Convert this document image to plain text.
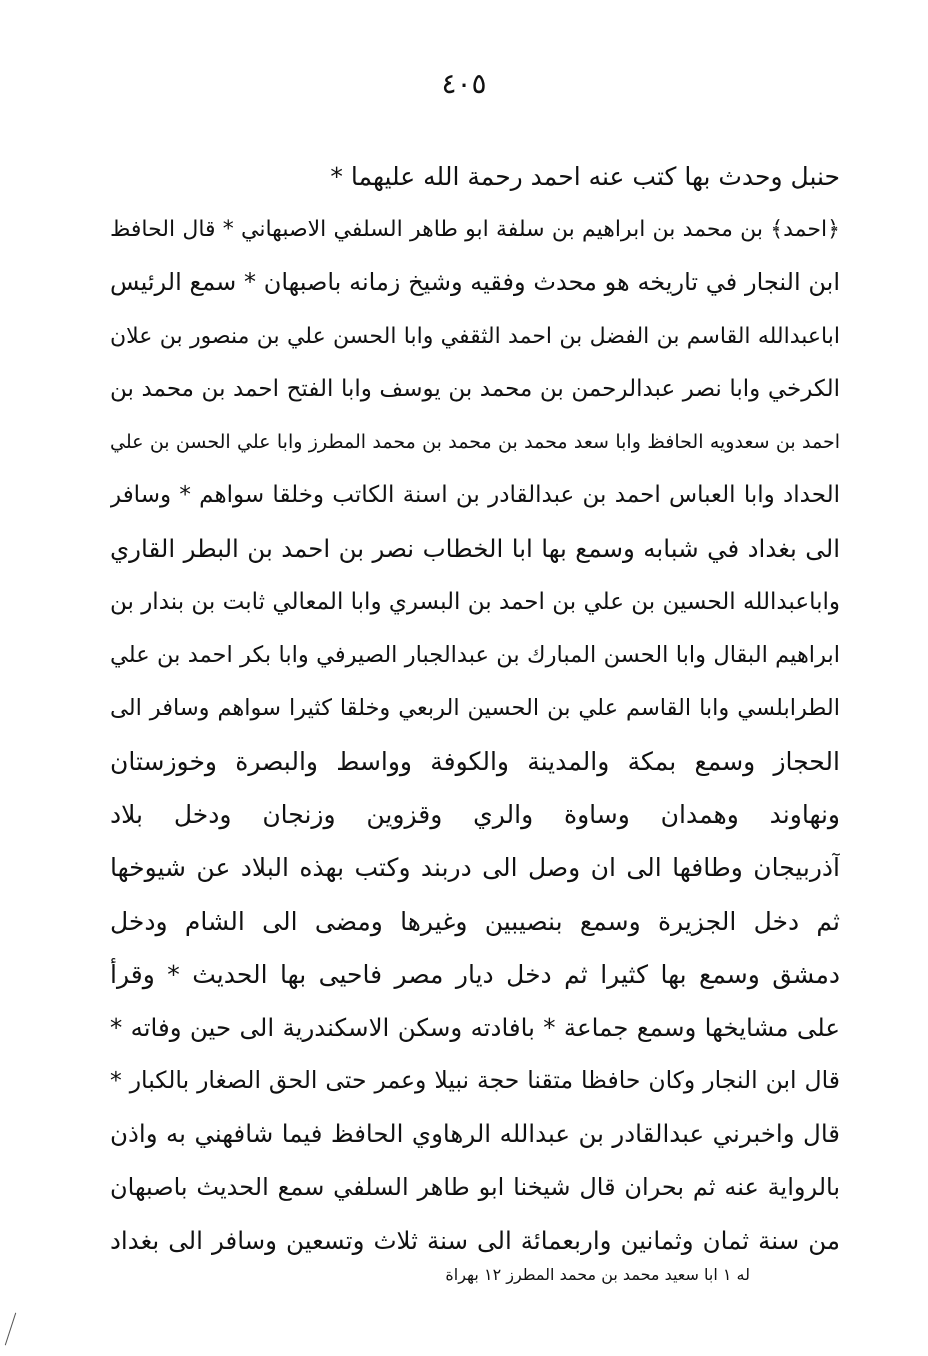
٤٠٥
حنبل وحدث بها كتب عنه احمد رحمة الله عليهما *
﴿احمد﴾ بن محمد بن ابراهيم بن سلفة ابو طاهر السلفي الاصبهاني * قال الحافظ
ابن النجار في تاريخه هو محدث وفقيه وشيخ زمانه باصبهان * سمع الرئيس
اباعبدالله القاسم بن الفضل بن احمد الثقفي وابا الحسن علي بن منصور بن علان
الكرخي وابا نصر عبدالرحمن بن محمد بن يوسف وابا الفتح احمد بن محمد بن
احمد بن سعدويه الحافظ وابا سعد محمد بن محمد بن محمد المطرز وابا علي الحسن بن علي
الحداد وابا العباس احمد بن عبدالقادر بن اسنة الكاتب وخلقا سواهم * وسافر
الى بغداد في شبابه وسمع بها ابا الخطاب نصر بن احمد بن البطر القاري
واباعبدالله الحسين بن علي بن احمد بن البسري وابا المعالي ثابت بن بندار بن
ابراهيم البقال وابا الحسن المبارك بن عبدالجبار الصيرفي وابا بكر احمد بن علي
الطرابلسي وابا القاسم علي بن الحسين الربعي وخلقا كثيرا سواهم وسافر الى
الحجاز وسمع بمكة والمدينة والكوفة وواسط والبصرة وخوزستان
ونهاوند وهمدان وساوة والري وقزوين وزنجان ودخل بلاد
آذربيجان وطافها الى ان وصل الى دربند وكتب بهذه البلاد عن شيوخها
ثم دخل الجزيرة وسمع بنصيبين وغيرها ومضى الى الشام ودخل
دمشق وسمع بها كثيرا ثم دخل ديار مصر فاحيى بها الحديث * وقرأ
على مشايخها وسمع جماعة * بافادته وسكن الاسكندرية الى حين وفاته *
قال ابن النجار وكان حافظا متقنا حجة نبيلا وعمر حتى الحق الصغار بالكبار *
قال واخبرني عبدالقادر بن عبدالله الرهاوي الحافظ فيما شافهني به واذن
بالرواية عنه ثم بحران قال شيخنا ابو طاهر السلفي سمع الحديث باصبهان
من سنة ثمان وثمانين واربعمائة الى سنة ثلاث وتسعين وسافر الى بغداد
له ١ ابا سعيد محمد بن محمد المطرز ١٢ بهراة
